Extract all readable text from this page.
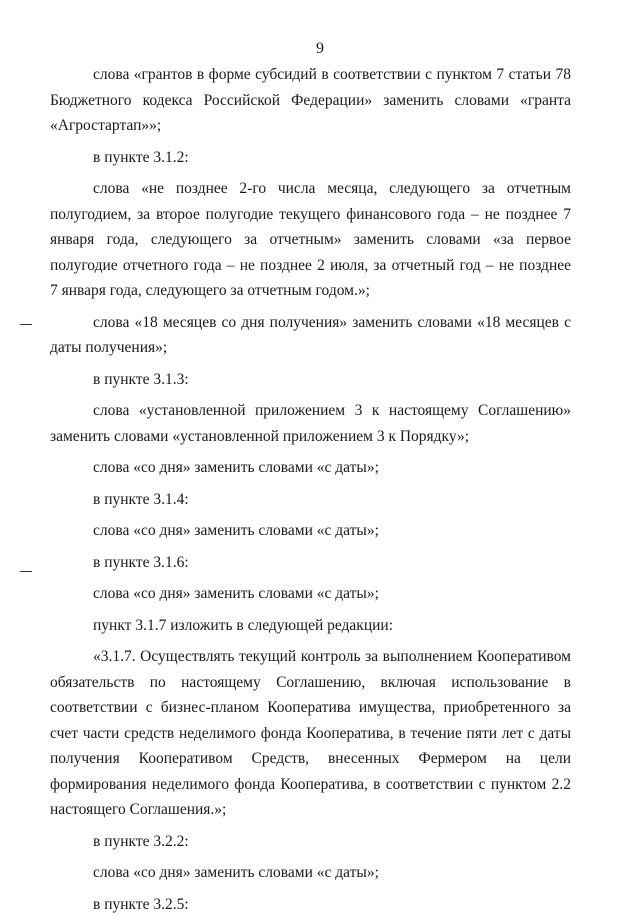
9
слова «грантов в форме субсидий в соответствии с пунктом 7 статьи 78
Бюджетного кодекса Российской Федерации» заменить словами «гранта
«Агростартап»»;
в пункте 3.1.2:
слова «не позднее 2-го числа месяца, следующего за отчетным
полугодием, за второе полугодие текущего финансового года – не позднее 7
января года, следующего за отчетным» заменить словами «за первое
полугодие отчетного года – не позднее 2 июля, за отчетный год – не позднее
7 января года, следующего за отчетным годом.»;
слова «18 месяцев со дня получения» заменить словами «18 месяцев с
даты получения»;
в пункте 3.1.3:
слова «установленной приложением 3 к настоящему Соглашению»
заменить словами «установленной приложением 3 к Порядку»;
слова «со дня» заменить словами «с даты»;
в пункте 3.1.4:
слова «со дня» заменить словами «с даты»;
в пункте 3.1.6:
слова «со дня» заменить словами «с даты»;
пункт 3.1.7 изложить в следующей редакции:
«3.1.7. Осуществлять текущий контроль за выполнением Кооперативом
обязательств по настоящему Соглашению, включая использование в
соответствии с бизнес-планом Кооператива имущества, приобретенного за
счет части средств неделимого фонда Кооператива, в течение пяти лет с даты
получения Кооперативом Средств, внесенных Фермером на цели
формирования неделимого фонда Кооператива, в соответствии с пунктом 2.2
настоящего Соглашения.»;
в пункте 3.2.2:
слова «со дня» заменить словами «с даты»;
в пункте 3.2.5:
